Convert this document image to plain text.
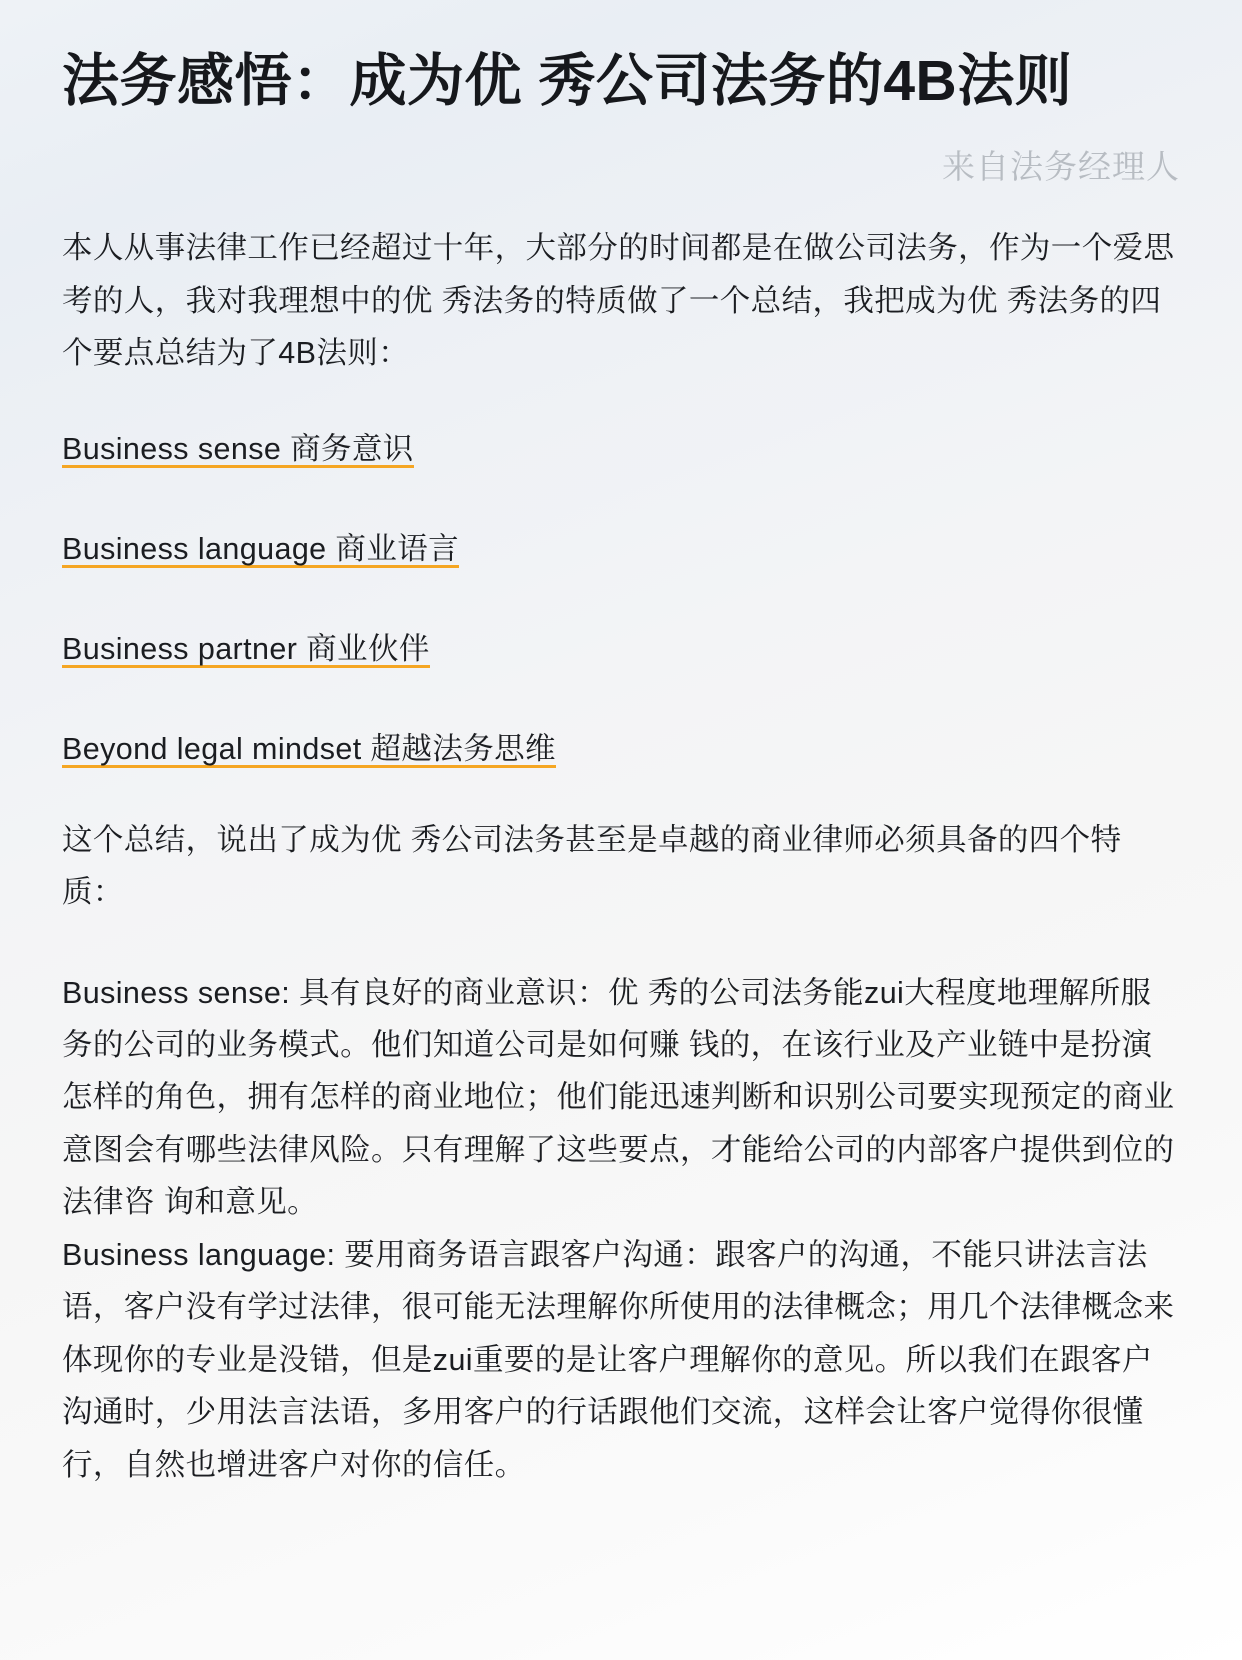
法务感悟：成为优 秀公司法务的4B法则
来自法务经理人

本人从事法律工作已经超过十年，大部分的时间都是在做公司法务，作为一个爱思考的人，我对我理想中的优 秀法务的特质做了一个总结，我把成为优 秀法务的四个要点总结为了4B法则：

Business sense 商务意识

Business language 商业语言

Business partner 商业伙伴

Beyond legal mindset 超越法务思维

这个总结，说出了成为优 秀公司法务甚至是卓越的商业律师必须具备的四个特质：

Business sense: 具有良好的商业意识：优 秀的公司法务能zui大程度地理解所服务的公司的业务模式。他们知道公司是如何赚 钱的，在该行业及产业链中是扮演怎样的角色，拥有怎样的商业地位；他们能迅速判断和识别公司要实现预定的商业意图会有哪些法律风险。只有理解了这些要点，才能给公司的内部客户提供到位的法律咨 询和意见。

Business language: 要用商务语言跟客户沟通：跟客户的沟通，不能只讲法言法语，客户没有学过法律，很可能无法理解你所使用的法律概念；用几个法律概念来体现你的专业是没错，但是zui重要的是让客户理解你的意见。所以我们在跟客户沟通时，少用法言法语，多用客户的行话跟他们交流，这样会让客户觉得你很懂行，自然也增进客户对你的信任。
